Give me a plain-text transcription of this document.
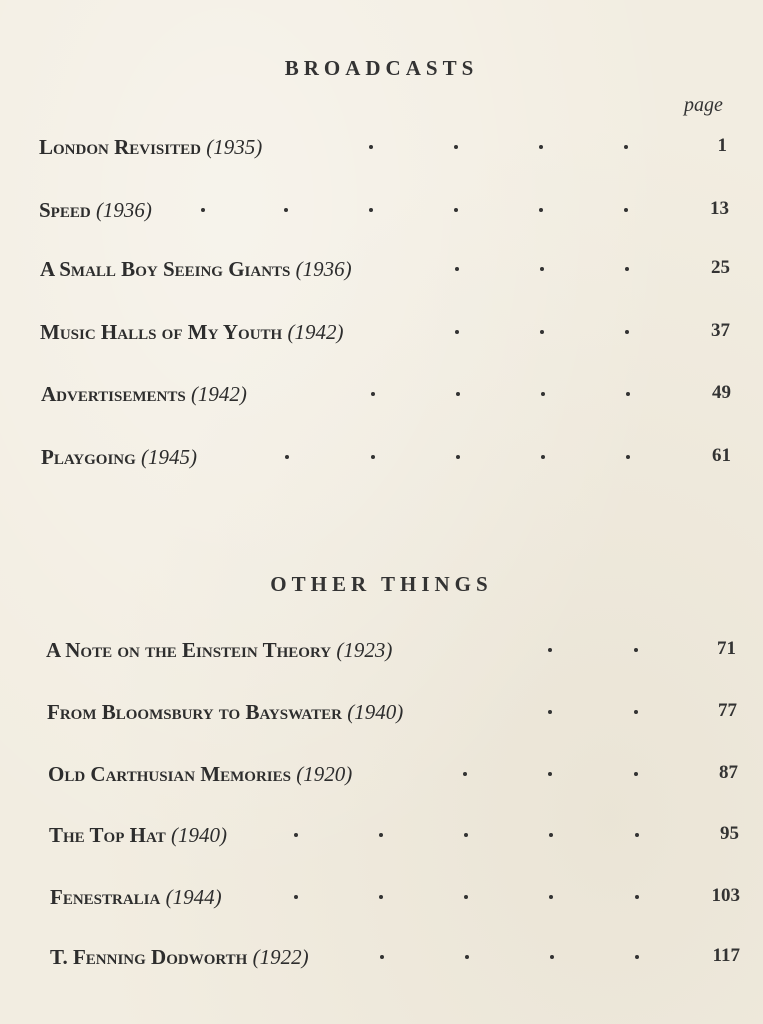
BROADCASTS
page
London Revisited (1935)	1
Speed (1936)	13
A Small Boy Seeing Giants (1936)	25
Music Halls of My Youth (1942)	37
Advertisements (1942)	49
Playgoing (1945)	61
OTHER THINGS
A Note on the Einstein Theory (1923)	71
From Bloomsbury to Bayswater (1940)	77
Old Carthusian Memories (1920)	87
The Top Hat (1940)	95
Fenestralia (1944)	103
T. Fenning Dodworth (1922)	117
